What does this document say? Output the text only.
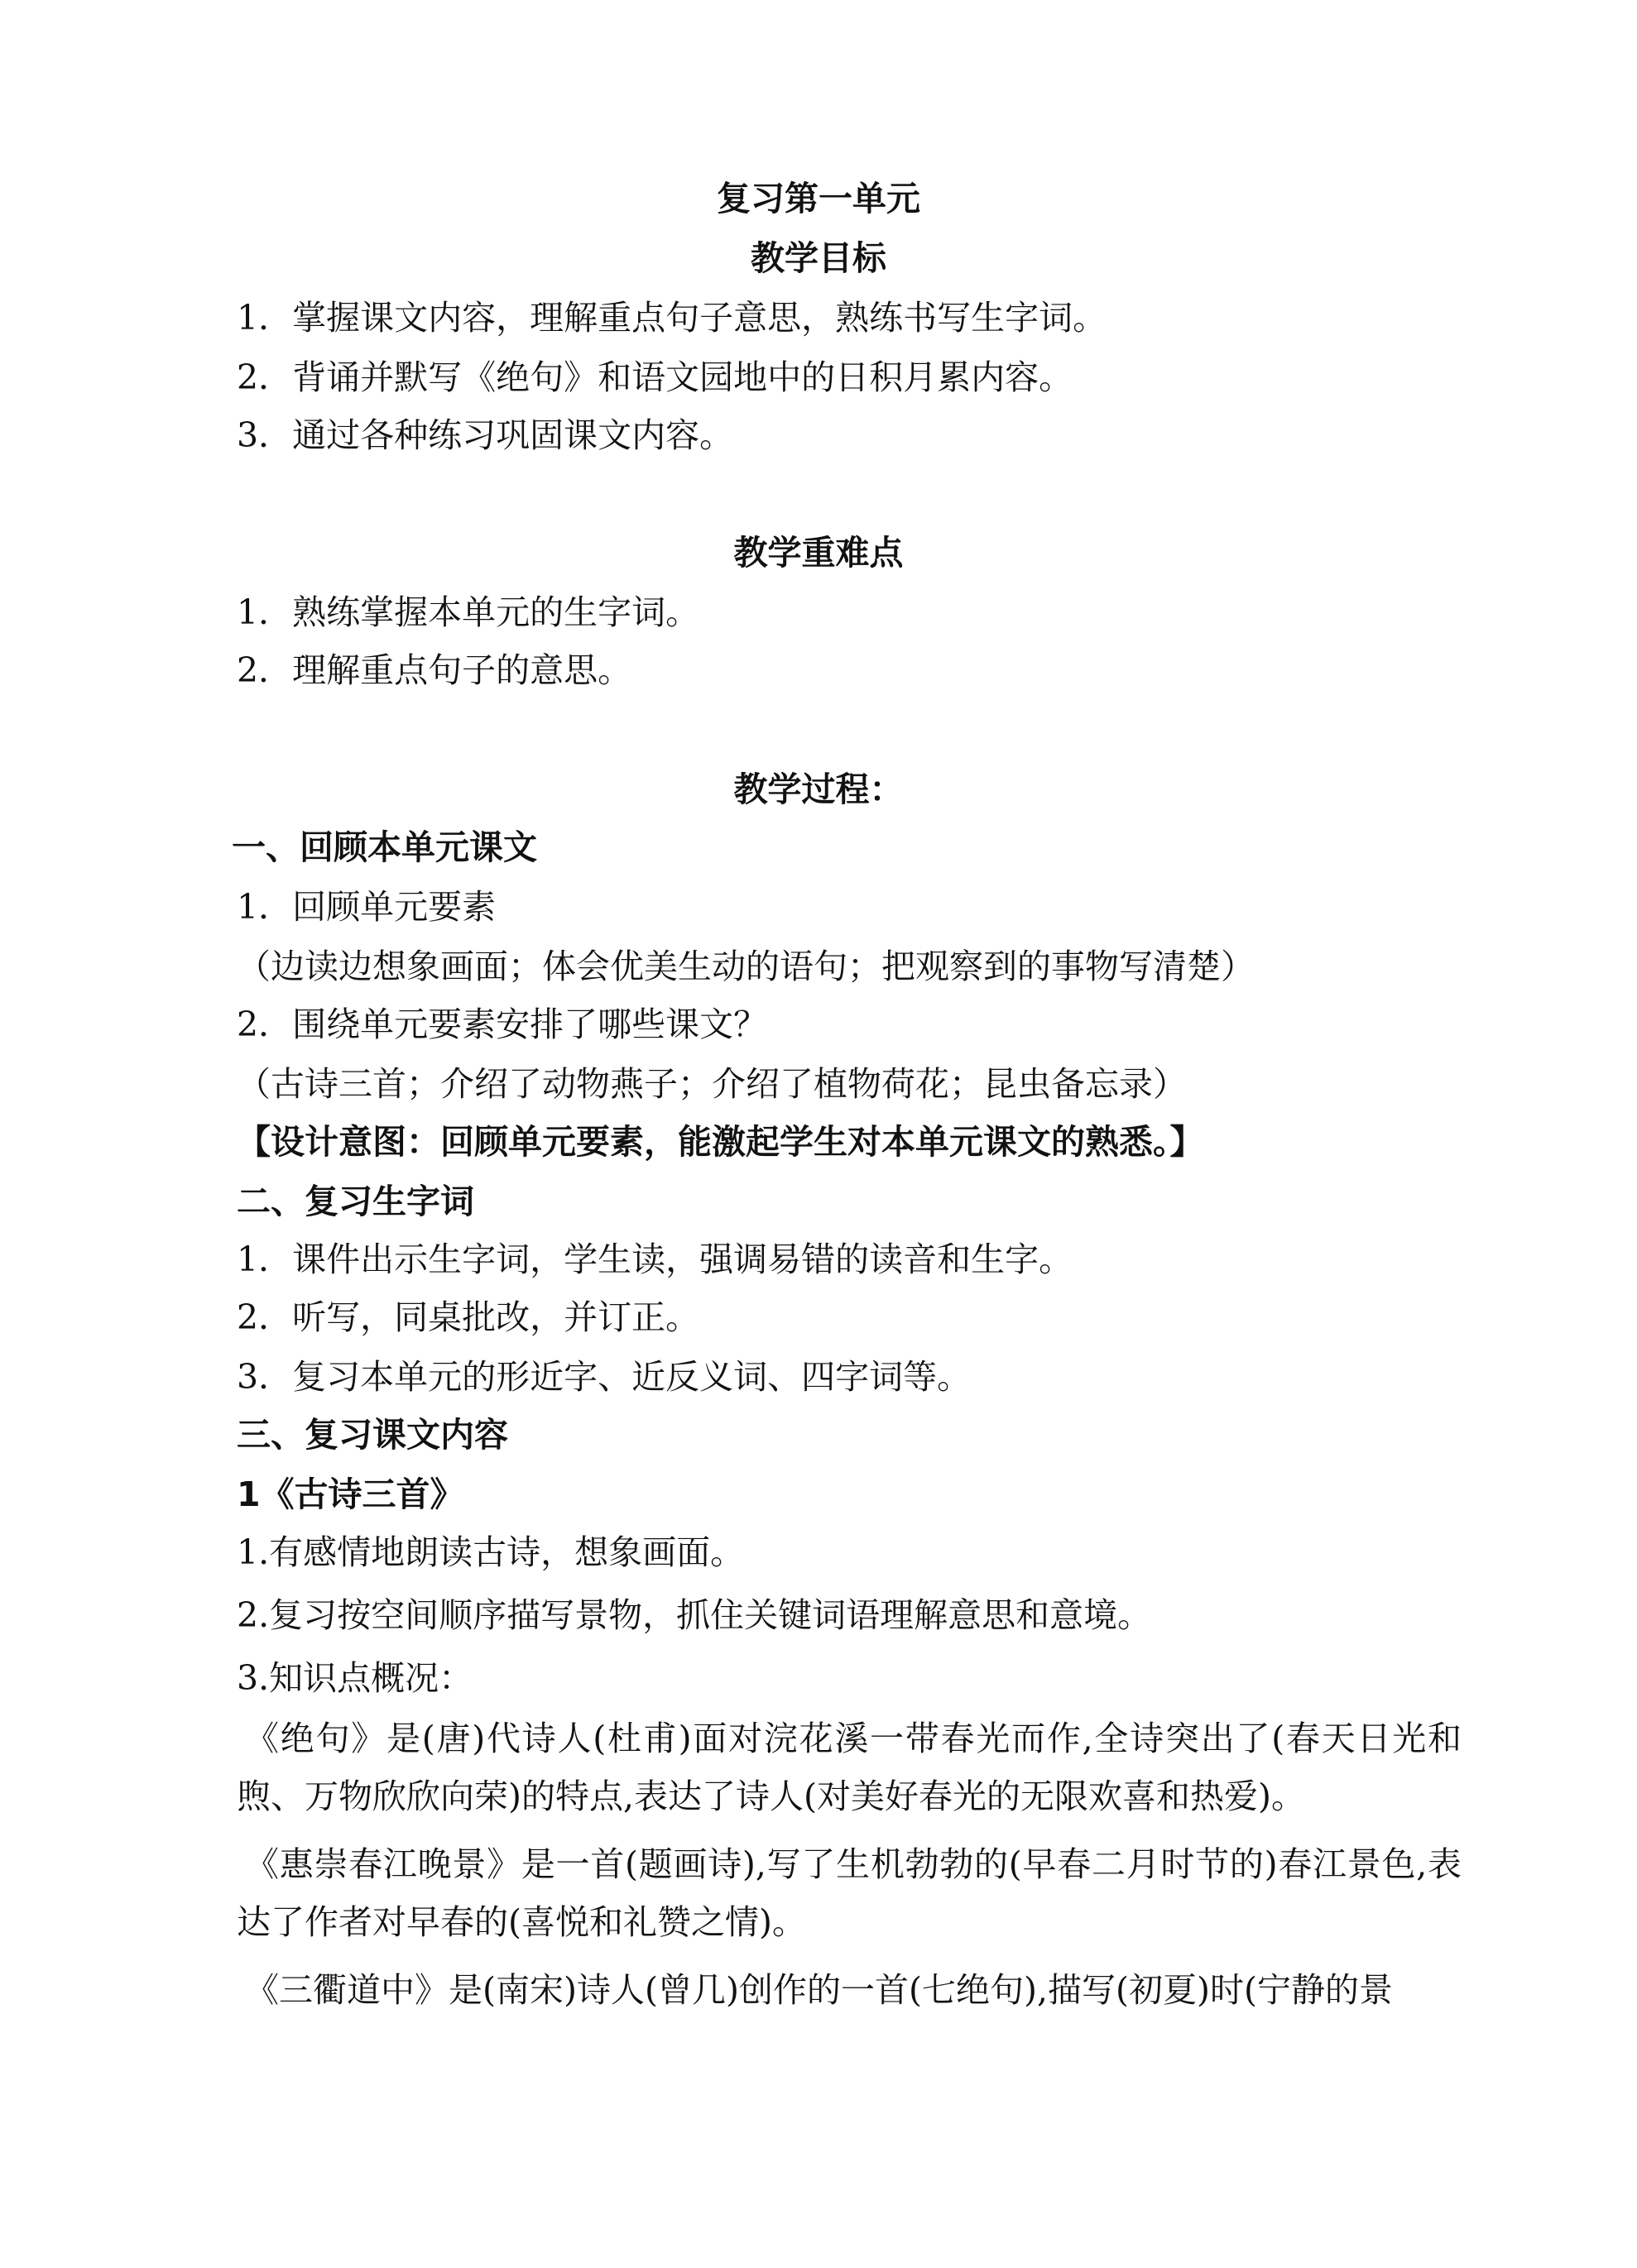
复习第一单元
教学目标
1．掌握课文内容，理解重点句子意思，熟练书写生字词。
2．背诵并默写《绝句》和语文园地中的日积月累内容。
3．通过各种练习巩固课文内容。
教学重难点
1．熟练掌握本单元的生字词。
2．理解重点句子的意思。
教学过程：
一、回顾本单元课文
1．回顾单元要素
（边读边想象画面；体会优美生动的语句；把观察到的事物写清楚）
2．围绕单元要素安排了哪些课文？
（古诗三首；介绍了动物燕子；介绍了植物荷花；昆虫备忘录）
【设计意图：回顾单元要素，能激起学生对本单元课文的熟悉。】
二、复习生字词
1．课件出示生字词，学生读，强调易错的读音和生字。
2．听写，同桌批改，并订正。
3．复习本单元的形近字、近反义词、四字词等。
三、复习课文内容
1《古诗三首》
1.有感情地朗读古诗，想象画面。
2.复习按空间顺序描写景物，抓住关键词语理解意思和意境。
3.知识点概况：
《绝句》是(唐)代诗人(杜甫)面对浣花溪一带春光而作,全诗突出了(春天日光和煦、万物欣欣向荣)的特点,表达了诗人(对美好春光的无限欢喜和热爱)。
《惠崇春江晚景》是一首(题画诗),写了生机勃勃的(早春二月时节的)春江景色,表达了作者对早春的(喜悦和礼赞之情)。
《三衢道中》是(南宋)诗人(曾几)创作的一首(七绝句),描写(初夏)时(宁静的景
